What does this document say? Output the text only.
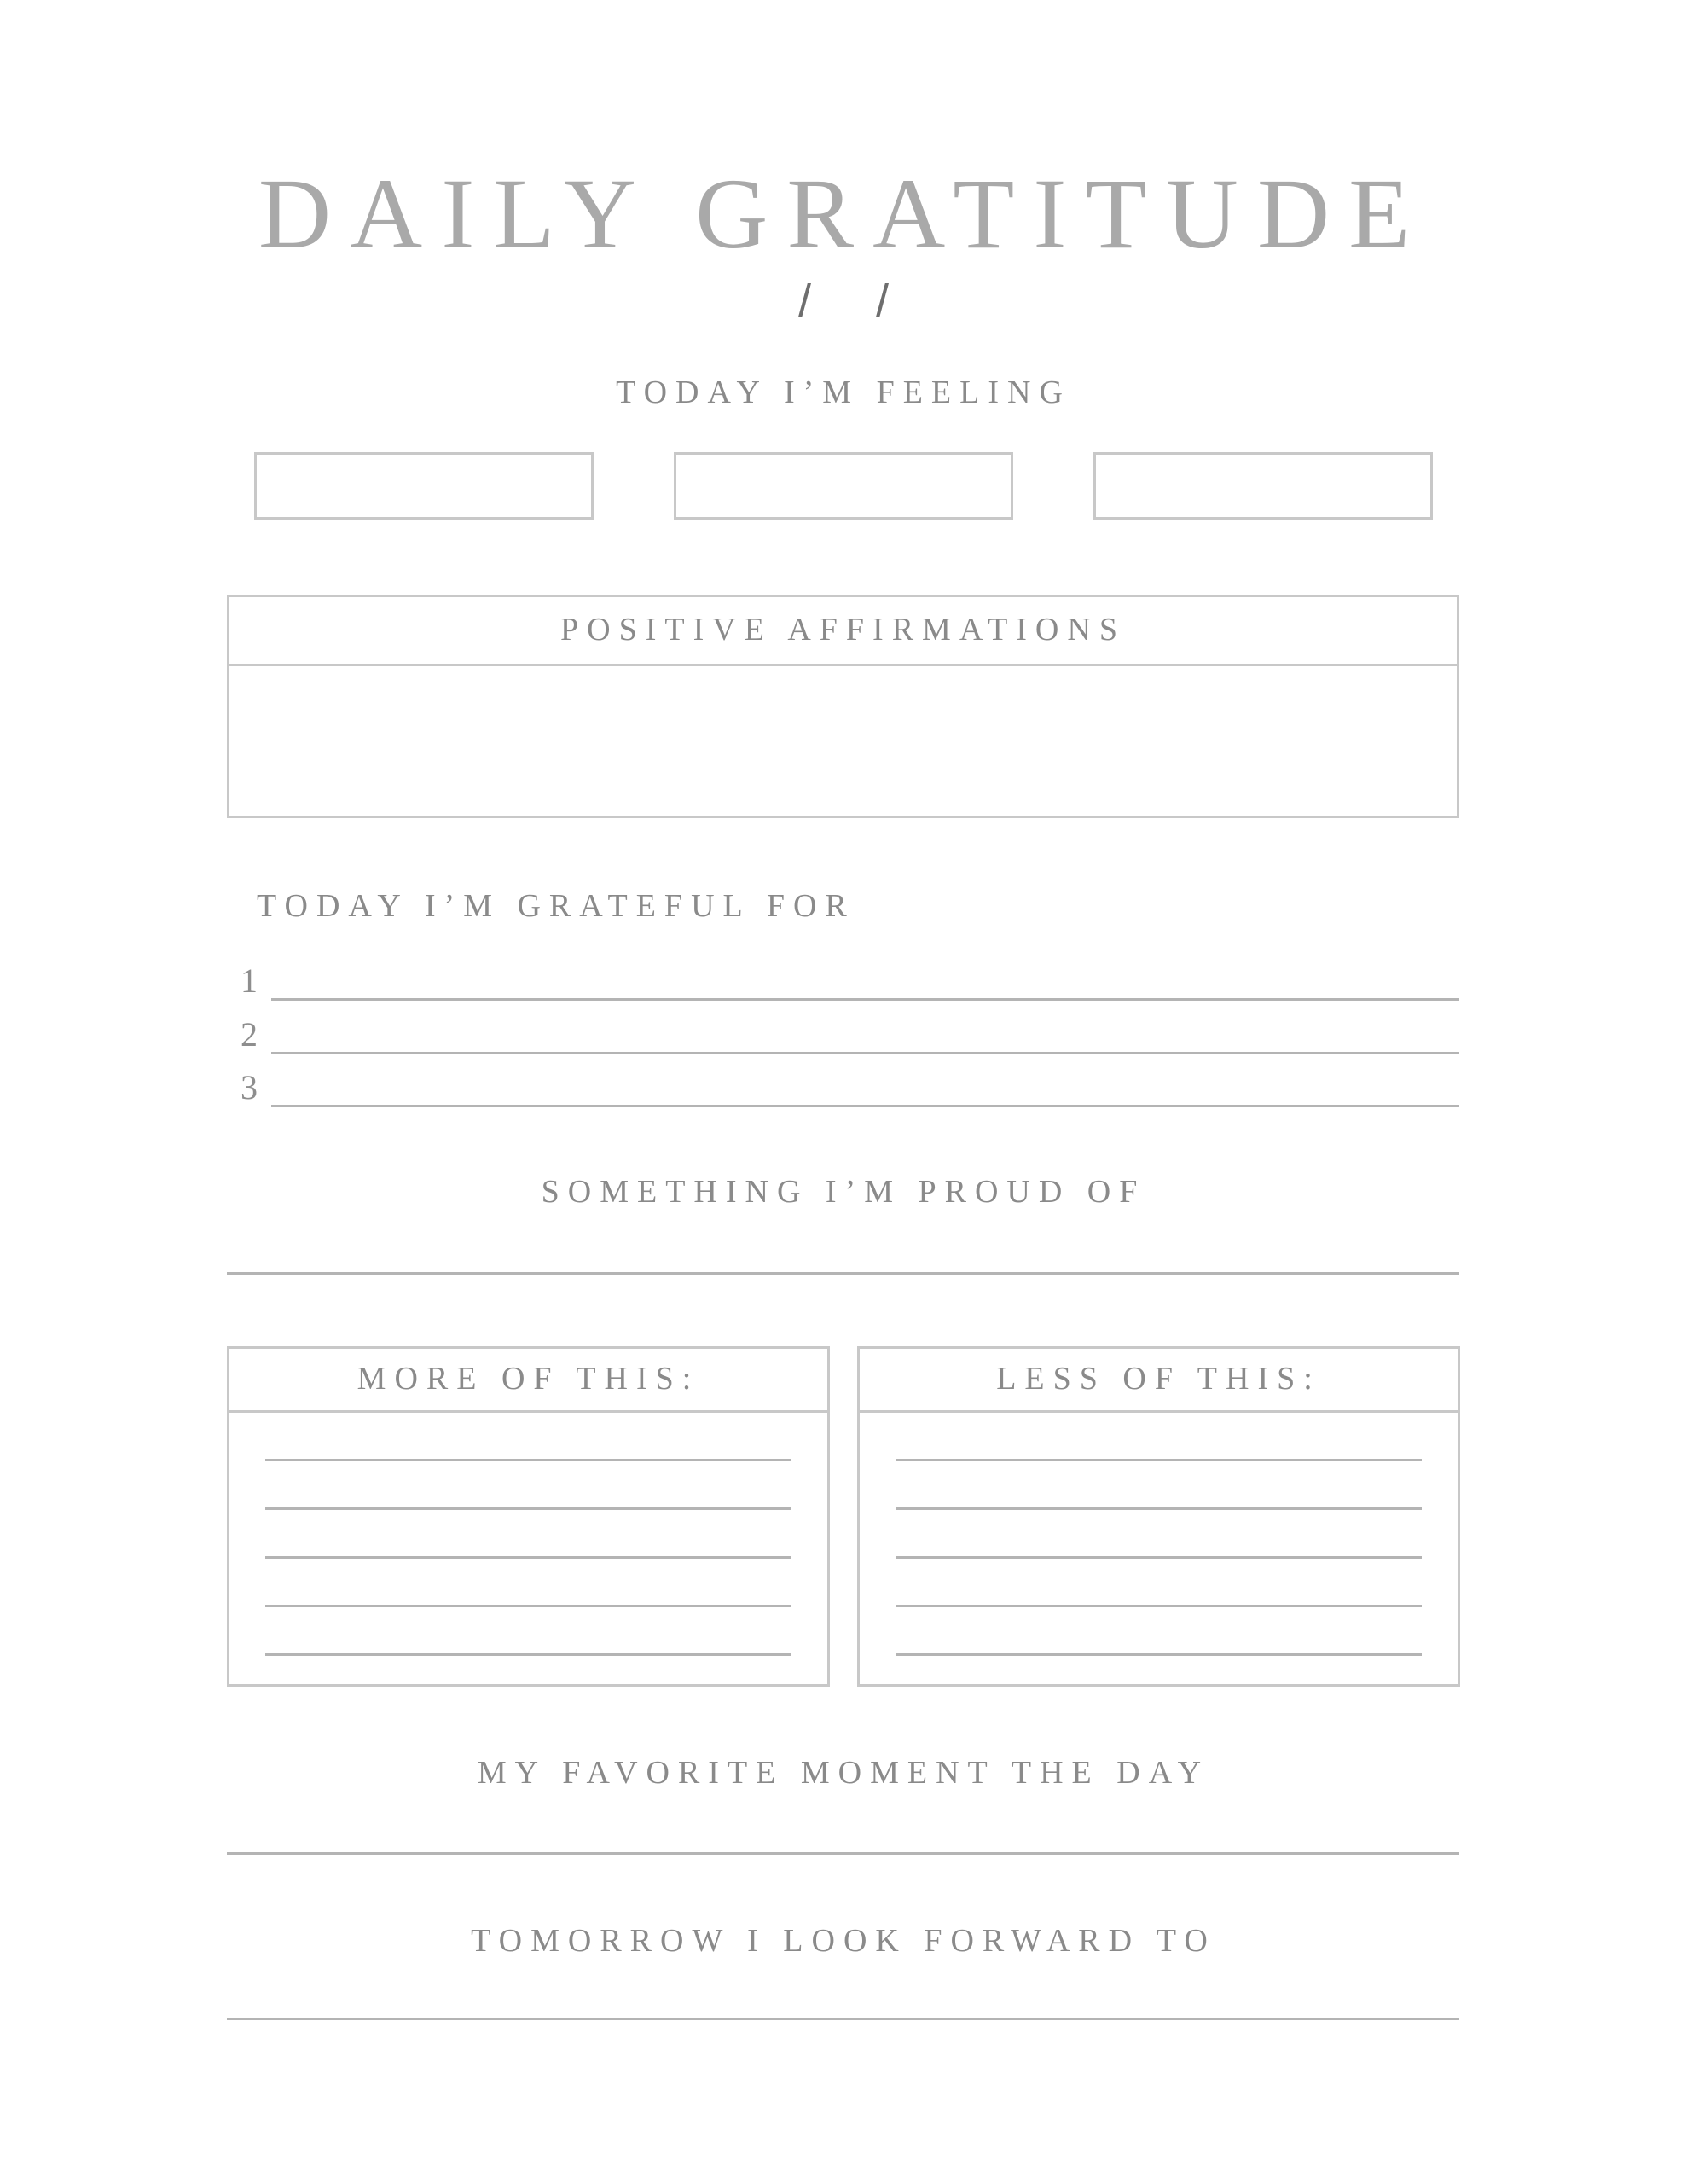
DAILY GRATITUDE
/ /
TODAY I’M FEELING
POSITIVE AFFIRMATIONS
TODAY I’M GRATEFUL FOR
1
2
3
SOMETHING I’M PROUD OF
MORE OF THIS:	LESS OF THIS:
MY FAVORITE MOMENT THE DAY
TOMORROW I LOOK FORWARD TO
